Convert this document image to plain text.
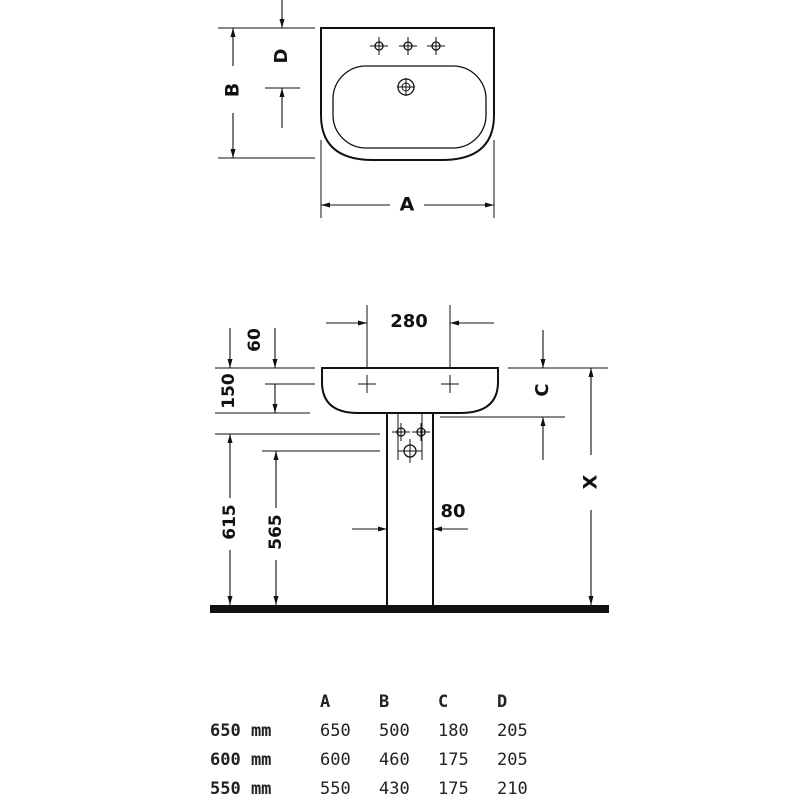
B
D
A
280
60
150
615 565
80
C
X
	A	B	C	D
650 mm	650	500	180	205
600 mm	600	460	175	205
550 mm	550	430	175	210
